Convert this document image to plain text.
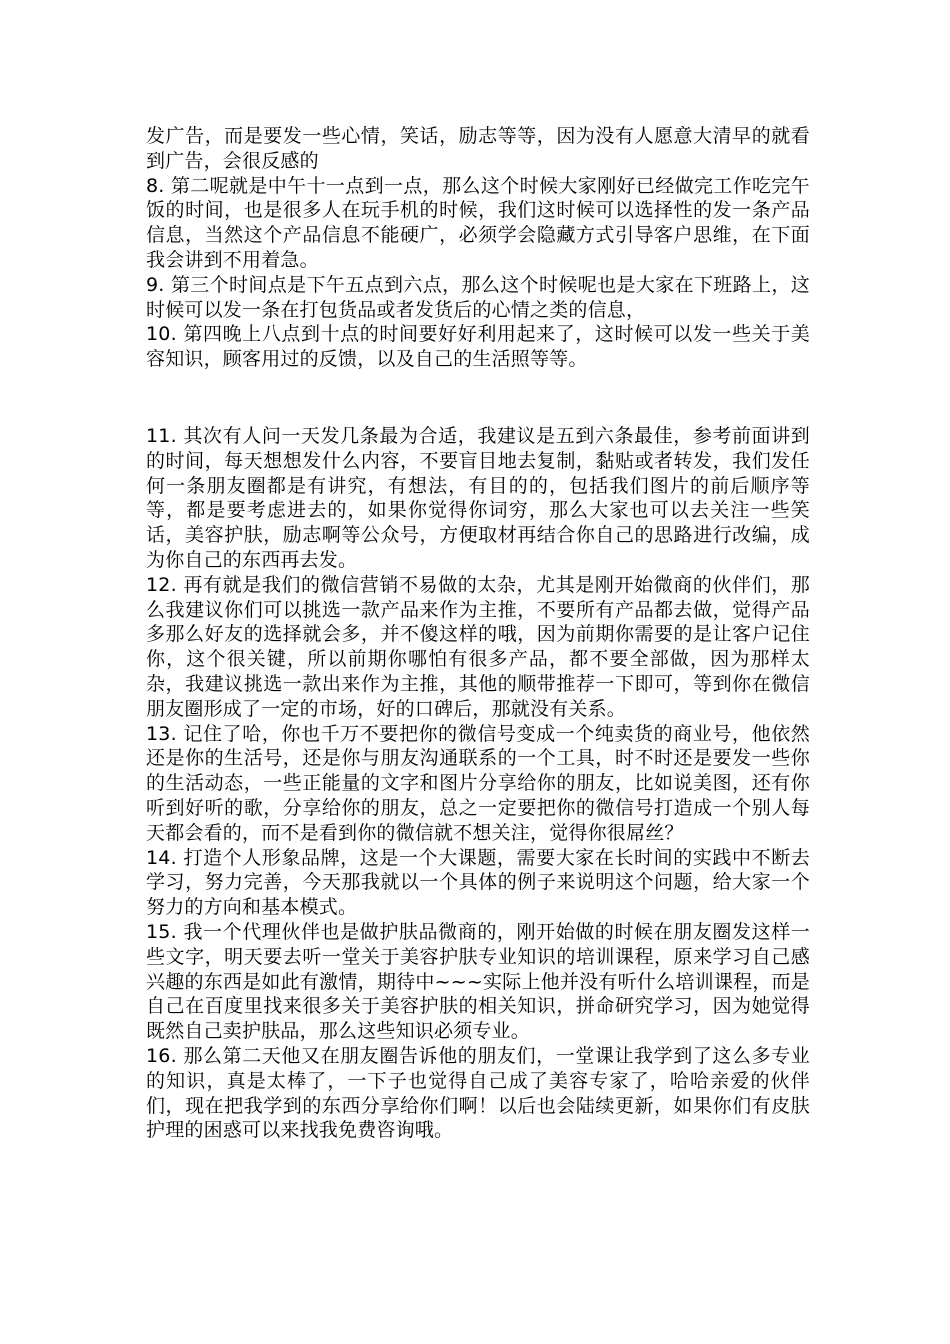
发广告，而是要发一些心情，笑话，励志等等，因为没有人愿意大清早的就看到广告，会很反感的

8. 第二呢就是中午十一点到一点，那么这个时候大家刚好已经做完工作吃完午饭的时间，也是很多人在玩手机的时候，我们这时候可以选择性的发一条产品信息，当然这个产品信息不能硬广，必须学会隐藏方式引导客户思维，在下面我会讲到不用着急。

9. 第三个时间点是下午五点到六点，那么这个时候呢也是大家在下班路上，这时候可以发一条在打包货品或者发货后的心情之类的信息，

10. 第四晚上八点到十点的时间要好好利用起来了，这时候可以发一些关于美容知识，顾客用过的反馈，以及自己的生活照等等。

11. 其次有人问一天发几条最为合适，我建议是五到六条最佳，参考前面讲到的时间，每天想想发什么内容，不要盲目地去复制，黏贴或者转发，我们发任何一条朋友圈都是有讲究，有想法，有目的的，包括我们图片的前后顺序等等，都是要考虑进去的，如果你觉得你词穷，那么大家也可以去关注一些笑话，美容护肤，励志啊等公众号，方便取材再结合你自己的思路进行改编，成为你自己的东西再去发。

12. 再有就是我们的微信营销不易做的太杂，尤其是刚开始微商的伙伴们，那么我建议你们可以挑选一款产品来作为主推，不要所有产品都去做，觉得产品多那么好友的选择就会多，并不傻这样的哦，因为前期你需要的是让客户记住你，这个很关键，所以前期你哪怕有很多产品，都不要全部做，因为那样太杂，我建议挑选一款出来作为主推，其他的顺带推荐一下即可，等到你在微信朋友圈形成了一定的市场，好的口碑后，那就没有关系。

13. 记住了哈，你也千万不要把你的微信号变成一个纯卖货的商业号，他依然还是你的生活号，还是你与朋友沟通联系的一个工具，时不时还是要发一些你的生活动态，一些正能量的文字和图片分享给你的朋友，比如说美图，还有你听到好听的歌，分享给你的朋友，总之一定要把你的微信号打造成一个别人每天都会看的，而不是看到你的微信就不想关注，觉得你很屌丝？

14. 打造个人形象品牌，这是一个大课题，需要大家在长时间的实践中不断去学习，努力完善，今天那我就以一个具体的例子来说明这个问题，给大家一个努力的方向和基本模式。

15. 我一个代理伙伴也是做护肤品微商的，刚开始做的时候在朋友圈发这样一些文字，明天要去听一堂关于美容护肤专业知识的培训课程，原来学习自己感兴趣的东西是如此有激情，期待中~~~实际上他并没有听什么培训课程，而是自己在百度里找来很多关于美容护肤的相关知识，拼命研究学习，因为她觉得既然自己卖护肤品，那么这些知识必须专业。

16. 那么第二天他又在朋友圈告诉他的朋友们，一堂课让我学到了这么多专业的知识，真是太棒了，一下子也觉得自己成了美容专家了，哈哈亲爱的伙伴们，现在把我学到的东西分享给你们啊！以后也会陆续更新，如果你们有皮肤护理的困惑可以来找我免费咨询哦。
